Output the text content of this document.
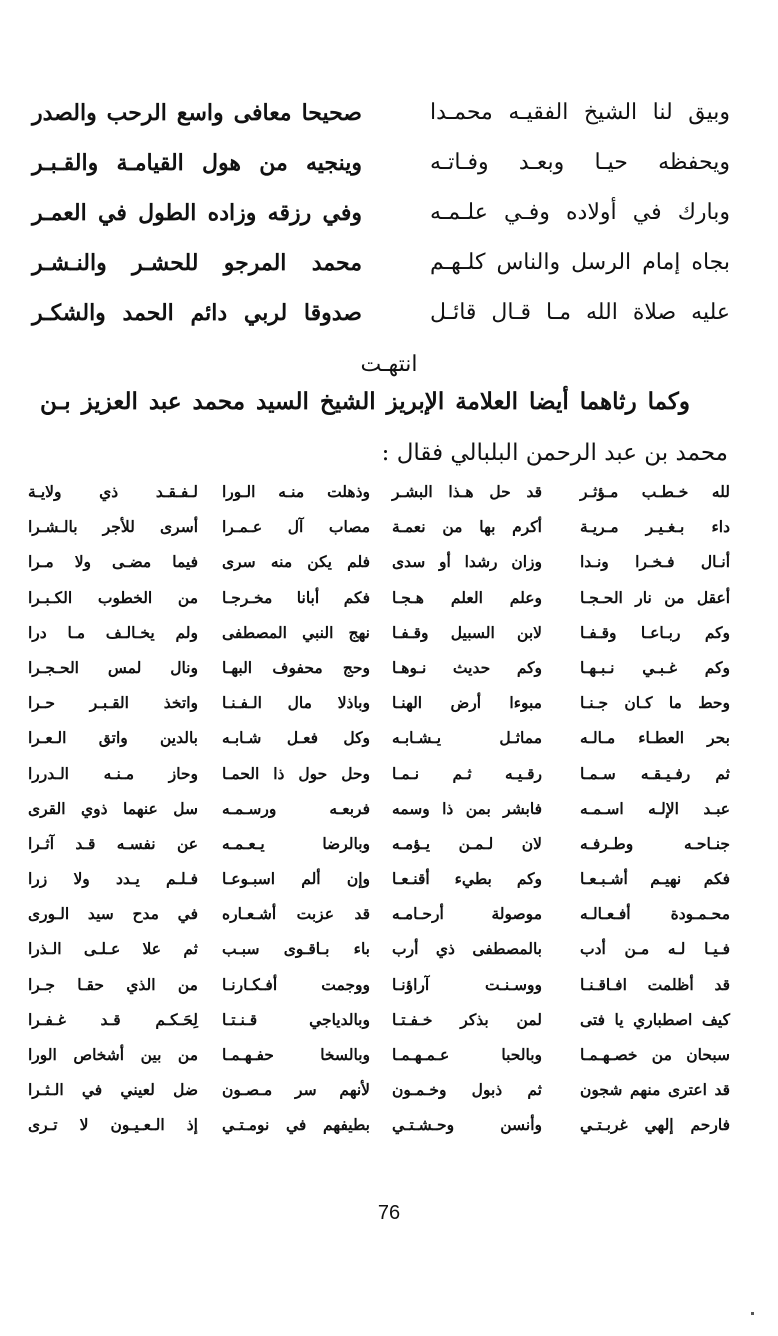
وبيق لنا الشيخ الفقيـه محمـدا
صحيحا معافى واسع الرحب والصدر
ويحفظه حيـا وبعـد وفـاتـه
وينجيه من هول القيامـة والقـبـر
وبارك في أولاده وفـي علـمـه
وفي رزقه وزاده الطول في العمـر
بجاه إمام الرسل والناس كلـهـم
محمد المرجو للحشـر والنـشـر
عليه صلاة الله مـا قـال قائـل
صدوقا لربي دائم الحمد والشكـر
انتهـت
وكما رثاهما أيضا العلامة الإبريز الشيخ السيد محمد عبد العزيز بـن
محمد بن عبد الرحمن البلبالي فقال :
لله خـطـب مـؤثـر
قد حل هـذا البشـر
وذهلت منـه الـورا
لـفـقـد ذي ولايـة
داء بـغـيـر مـريـة
أكرم بها من نعمـة
مصاب آل عـمـرا
أسرى للأجر بالـشـرا
أنـال فـخـرا ونـدا
وزان رشدا أو سدى
فلم يكن منه سرى
فيما مضـى ولا مـرا
أعقل من نار الحـجـا
وعلم العلم هـجـا
فكم أبانا مخـرجـا
من الخطوب الكـبـرا
وكم ربـاعـا وقـفـا
لابن السبيل وقـفـا
نهج النبي المصطفى
ولم يخـالـف مـا درا
وكم غـبـي نـبـهـا
وكم حديث نـوهـا
وحج محفوف البهـا
ونال لمس الحـجـرا
وحط ما كـان جـنـا
مبوءا أرض الهنـا
وباذلا مال الـفـنـا
واتخذ القـبـر حـرا
بحر العطـاء مـالـه
مماثـل يـشـابـه
وكل فعـل شـابـه
بالدين واتق الـعـرا
ثم رفـيـقـه سـمـا
رقـيـه ثـم نـمـا
وحل حول ذا الحمـا
وحاز مـنـه الـدررا
عبـد الإلـه اسـمـه
فابشر بمن ذا وسمه
فربعـه ورسـمـه
سل عنهما ذوي القرى
جنـاحـه وطـرفـه
لان لـمـن يـؤمـه
وبالرضا يـعـمـه
عن نفسـه قـد آثـرا
فكم نهيـم أشـبـعـا
وكم بطيء أقنـعـا
وإن ألم اسبـوعـا
فـلـم يـدد ولا زرا
محـمـودة أفـعـالـه
موصولة أرحـامـه
قد عزبت أشـعـاره
في مدح سيد الـورى
فـيـا لـه مـن أدب
بالمصطفى ذي أرب
باء بـاقـوى سبـب
ثم علا عـلـى الـذرا
قد أظلمت افـاقـنـا
ووسـنـت آراؤنـا
ووجمت أفـكـارنـا
من الذي حقـا جـرا
كيف اصطباري يا فتى
لمن بذكر خـفـتـا
وبالدياجي قـنـتـا
لِحَـكـم قـد غـفـرا
سبحان من خصـهـمـا
وبالحبا عـمـهـمـا
وبالسخا حفـهـمـا
من بين أشخاص الورا
قد اعترى منهم شجون
ثم ذبول وخـمـون
لأنهم سر مـصـون
ضل لعيني في الـثـرا
فارحم إلهي غربـتـي
وأنسن وحـشـتـي
بطيفهم في نومـتـي
إذ الـعـيـون لا تـرى
76
